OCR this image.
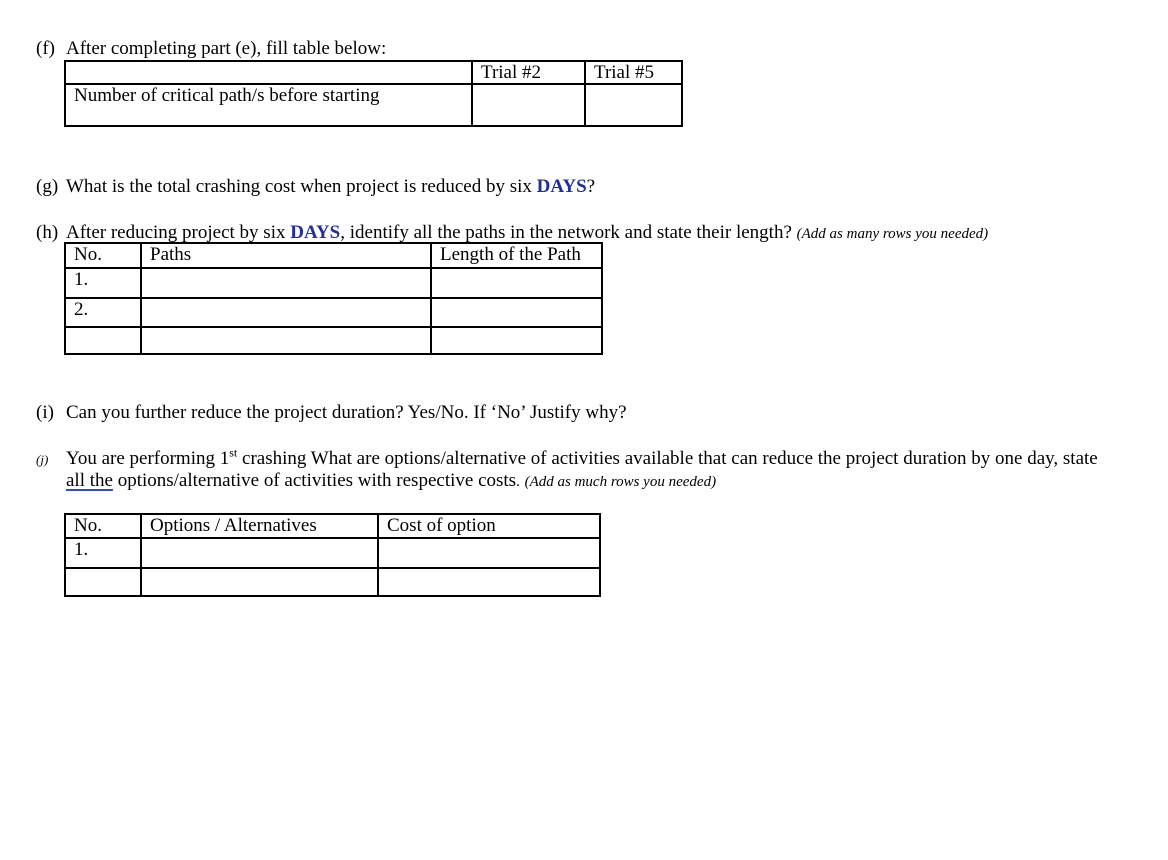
(f) After completing part (e), fill table below:
	Trial #2	Trial #5
Number of critical path/s before starting		
(g) What is the total crashing cost when project is reduced by six DAYS?
(h) After reducing project by six DAYS, identify all the paths in the network and state their length? (Add as many rows you needed)
No.	Paths	Length of the Path
1.		
2.		

(i) Can you further reduce the project duration? Yes/No. If ‘No’ Justify why?
(j) You are performing 1st crashing What are options/alternative of activities available that can reduce the project duration by one day, state
all the options/alternative of activities with respective costs. (Add as much rows you needed)
No.	Options / Alternatives	Cost of option
1.		
